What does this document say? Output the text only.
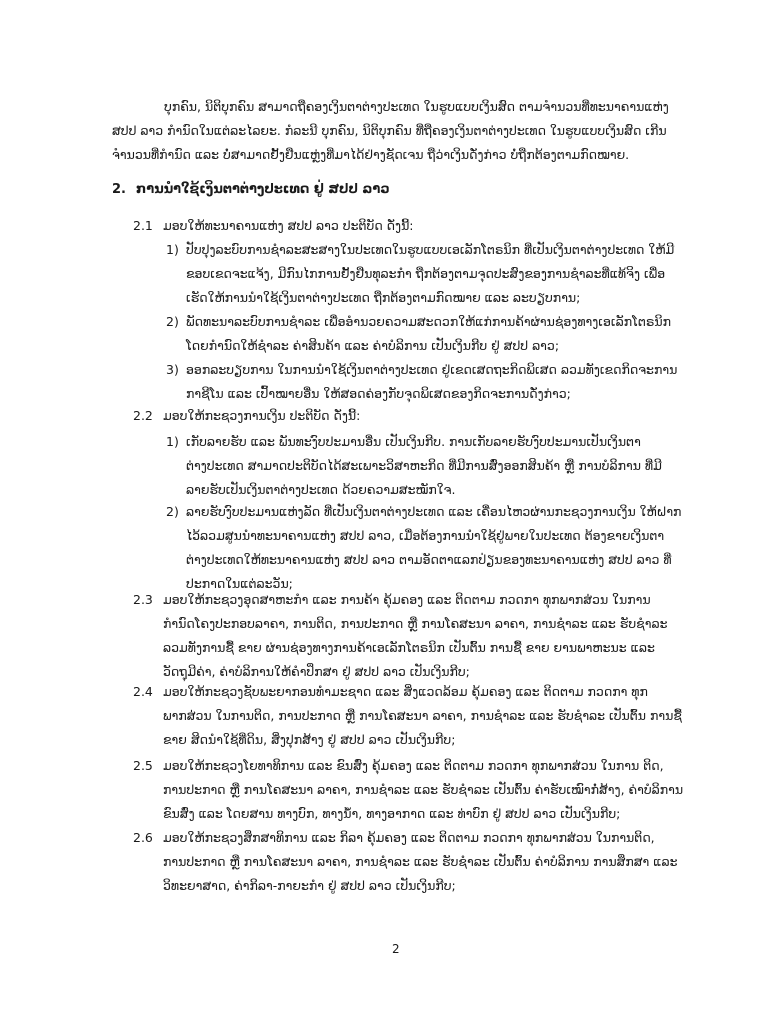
ບຸກຄົນ, ນິຕິບຸກຄົນ ສາມາດຖືຄອງເງິນຕາຕ່າງປະເທດ ໃນຮູບແບບເງິນສົດ ຕາມຈຳນວນທີ່ທະນາຄານແຫ່ງ
ສປປ ລາວ ກຳນົດໃນແຕ່ລະໄລຍະ. ກໍລະນີ ບຸກຄົນ, ນິຕິບຸກຄົນ ທີ່ຖືຄອງເງິນຕາຕ່າງປະເທດ ໃນຮູບແບບເງິນສົດ ເກີນ
ຈຳນວນທີ່ກຳນົດ ແລະ ບໍ່ສາມາດຢັ້ງຢືນແຫຼ່ງທີ່ມາໄດ້ຢ່າງຊັດເຈນ ຖືວ່າເງິນດັ່ງກ່າວ ບໍ່ຖືກຕ້ອງຕາມກົດໝາຍ.
2. ການນຳໃຊ້ເງິນຕາຕ່າງປະເທດ ຢູ່ ສປປ ລາວ
2.1 ມອບໃຫ້ທະນາຄານແຫ່ງ ສປປ ລາວ ປະຕິບັດ ດັ່ງນີ້:
1) ປັບປຸງລະບົບການຊຳລະສະສາງໃນປະເທດໃນຮູບແບບເອເລັກໂຕຣນິກ ທີ່ເປັນເງິນຕາຕ່າງປະເທດ ໃຫ້ມີ
ຂອບເຂດຈະແຈ້ງ, ມີກົນໄກການຢັ້ງຢືນທຸລະກຳ ຖືກຕ້ອງຕາມຈຸດປະສົງຂອງການຊຳລະທີ່ແທ້ຈິງ ເພື່ອ
ເຮັດໃຫ້ການນຳໃຊ້ເງິນຕາຕ່າງປະເທດ ຖືກຕ້ອງຕາມກົດໝາຍ ແລະ ລະບຽບການ;
2) ພັດທະນາລະບົບການຊຳລະ ເພື່ອອຳນວຍຄວາມສະດວກໃຫ້ແກ່ການຄ້າຜ່ານຊ່ອງທາງເອເລັກໂຕຣນິກ
ໂດຍກຳນົດໃຫ້ຊຳລະ ຄ່າສິນຄ້າ ແລະ ຄ່າບໍລິການ ເປັນເງິນກີບ ຢູ່ ສປປ ລາວ;
3) ອອກລະບຽບການ ໃນການນຳໃຊ້ເງິນຕາຕ່າງປະເທດ ຢູ່ເຂດເສດຖະກິດພິເສດ ລວມທັງເຂດກິດຈະການ
ກາຊີໂນ ແລະ ເປົ້າໝາຍອື່ນ ໃຫ້ສອດຄ່ອງກັບຈຸດພິເສດຂອງກິດຈະການດັ່ງກ່າວ;
2.2 ມອບໃຫ້ກະຊວງການເງິນ ປະຕິບັດ ດັ່ງນີ້:
1) ເກັບລາຍຮັບ ແລະ ພັນທະງົບປະມານອື່ນ ເປັນເງິນກີບ. ການເກັບລາຍຮັບງົບປະມານເປັນເງິນຕາ
ຕ່າງປະເທດ ສາມາດປະຕິບັດໄດ້ສະເພາະວິສາຫະກິດ ທີ່ມີການສົ່ງອອກສິນຄ້າ ຫຼື ການບໍລິການ ທີ່ມີ
ລາຍຮັບເປັນເງິນຕາຕ່າງປະເທດ ດ້ວຍຄວາມສະໝັກໃຈ.
2) ລາຍຮັບງົບປະມານແຫ່ງລັດ ທີ່ເປັນເງິນຕາຕ່າງປະເທດ ແລະ ເຄື່ອນໄຫວຜ່ານກະຊວງການເງິນ ໃຫ້ຝາກ
ໄວ້ລວມສູນນຳທະນາຄານແຫ່ງ ສປປ ລາວ, ເມື່ອຕ້ອງການນຳໃຊ້ຢູ່ພາຍໃນປະເທດ ຕ້ອງຂາຍເງິນຕາ
ຕ່າງປະເທດໃຫ້ທະນາຄານແຫ່ງ ສປປ ລາວ ຕາມອັດຕາແລກປ່ຽນຂອງທະນາຄານແຫ່ງ ສປປ ລາວ ທີ່
ປະກາດໃນແຕ່ລະວັນ;
2.3 ມອບໃຫ້ກະຊວງອຸດສາຫະກຳ ແລະ ການຄ້າ ຄຸ້ມຄອງ ແລະ ຕິດຕາມ ກວດກາ ທຸກພາກສ່ວນ ໃນການ
ກຳນົດໂຄງປະກອບລາຄາ, ການຕິດ, ການປະກາດ ຫຼື ການໂຄສະນາ ລາຄາ, ການຊຳລະ ແລະ ຮັບຊຳລະ
ລວມທັງການຊື້ ຂາຍ ຜ່ານຊ່ອງທາງການຄ້າເອເລັກໂຕຣນິກ ເປັນຕົ້ນ ການຊື້ ຂາຍ ຍານພາຫະນະ ແລະ
ວັດຖຸມີຄ່າ, ຄ່າບໍລິການໃຫ້ຄຳປຶກສາ ຢູ່ ສປປ ລາວ ເປັນເງິນກີບ;
2.4 ມອບໃຫ້ກະຊວງຊັບພະຍາກອນທຳມະຊາດ ແລະ ສິ່ງແວດລ້ອມ ຄຸ້ມຄອງ ແລະ ຕິດຕາມ ກວດກາ ທຸກ
ພາກສ່ວນ ໃນການຕິດ, ການປະກາດ ຫຼື ການໂຄສະນາ ລາຄາ, ການຊຳລະ ແລະ ຮັບຊຳລະ ເປັນຕົ້ນ ການຊື້
ຂາຍ ສິດນຳໃຊ້ທີ່ດິນ, ສິ່ງປຸກສ້າງ ຢູ່ ສປປ ລາວ ເປັນເງິນກີບ;
2.5 ມອບໃຫ້ກະຊວງໂຍທາທິການ ແລະ ຂົນສົ່ງ ຄຸ້ມຄອງ ແລະ ຕິດຕາມ ກວດກາ ທຸກພາກສ່ວນ ໃນການ ຕິດ,
ການປະກາດ ຫຼື ການໂຄສະນາ ລາຄາ, ການຊຳລະ ແລະ ຮັບຊຳລະ ເປັນຕົ້ນ ຄ່າຮັບເໝົາກໍ່ສ້າງ, ຄ່າບໍລິການ
ຂົນສົ່ງ ແລະ ໂດຍສານ ທາງບົກ, ທາງນ້ຳ, ທາງອາກາດ ແລະ ທ່າບົກ ຢູ່ ສປປ ລາວ ເປັນເງິນກີບ;
2.6 ມອບໃຫ້ກະຊວງສຶກສາທິການ ແລະ ກິລາ ຄຸ້ມຄອງ ແລະ ຕິດຕາມ ກວດກາ ທຸກພາກສ່ວນ ໃນການຕິດ,
ການປະກາດ ຫຼື ການໂຄສະນາ ລາຄາ, ການຊຳລະ ແລະ ຮັບຊຳລະ ເປັນຕົ້ນ ຄ່າບໍລິການ ການສຶກສາ ແລະ
ວິທະຍາສາດ, ຄ່າກິລາ-ກາຍະກຳ ຢູ່ ສປປ ລາວ ເປັນເງິນກີບ;
2
